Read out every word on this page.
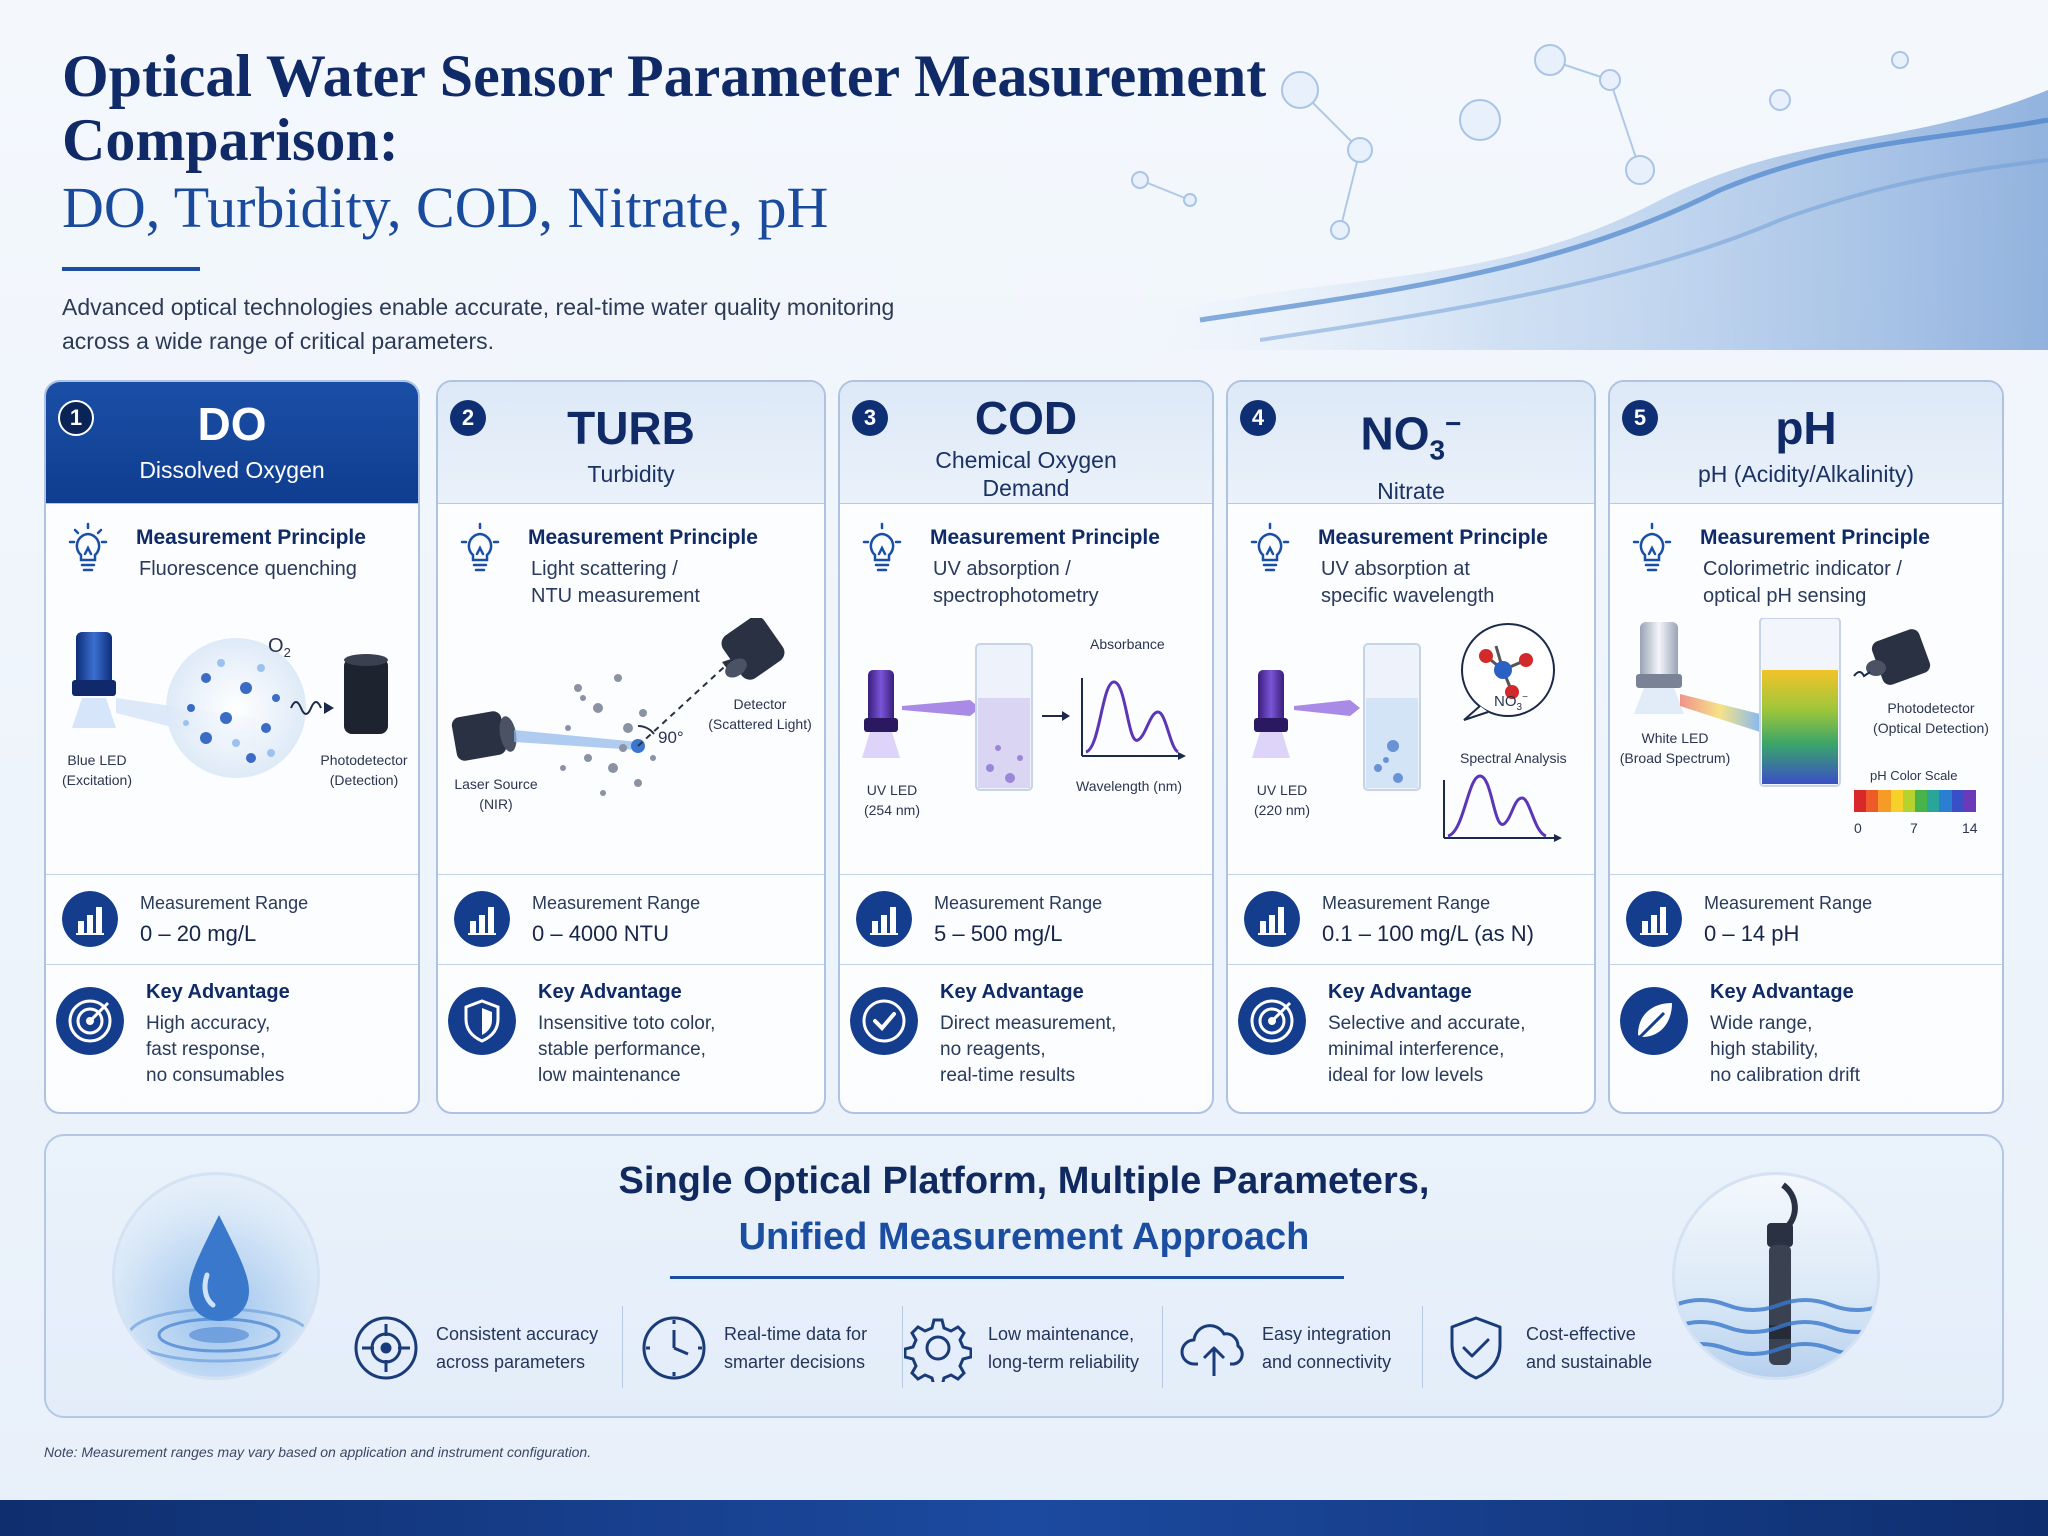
Optical Water Sensor Parameter Measurement
Comparison:
DO, Turbidity, COD, Nitrate, pH
Advanced optical technologies enable accurate, real-time water quality monitoring
across a wide range of critical parameters.
1	DO
Dissolved Oxygen
Measurement Principle
Fluorescence quenching
$O_2$
Blue LED
(Excitation)
Photodetector
(Detection)
Measurement Range
0 – 20 mg/L
Key Advantage
High accuracy,
fast response,
no consumables
2	TURB
Turbidity
Measurement Principle
Light scattering /
NTU measurement
90°
Detector
(Scattered Light)
Laser Source
(NIR)
Measurement Range
0 – 4000 NTU
Key Advantage
Insensitive toto color,
stable performance,
low maintenance
3	COD
Chemical Oxygen
Demand
Measurement Principle
UV absorption /
spectrophotometry
Absorbance
Wavelength (nm)
UV LED
(254 nm)
Measurement Range
5 – 500 mg/L
Key Advantage
Direct measurement,
no reagents,
real-time results
4	$NO_3^-$
Nitrate
Measurement Principle
UV absorption at
specific wavelength
$NO_3^-$
Spectral Analysis
UV LED
(220 nm)
Measurement Range
0.1 – 100 mg/L (as N)
Key Advantage
Selective and accurate,
minimal interference,
ideal for low levels
5	pH
pH (Acidity/Alkalinity)
Measurement Principle
Colorimetric indicator /
optical pH sensing
Photodetector
(Optical Detection)
White LED
(Broad Spectrum)
pH Color Scale
0	7	14
Measurement Range
0 – 14 pH
Key Advantage
Wide range,
high stability,
no calibration drift
Single Optical Platform, Multiple Parameters,
Unified Measurement Approach
Consistent accuracy
across parameters
Real-time data for
smarter decisions
Low maintenance,
long-term reliability
Easy integration
and connectivity
Cost-effective
and sustainable
Note: Measurement ranges may vary based on application and instrument configuration.
